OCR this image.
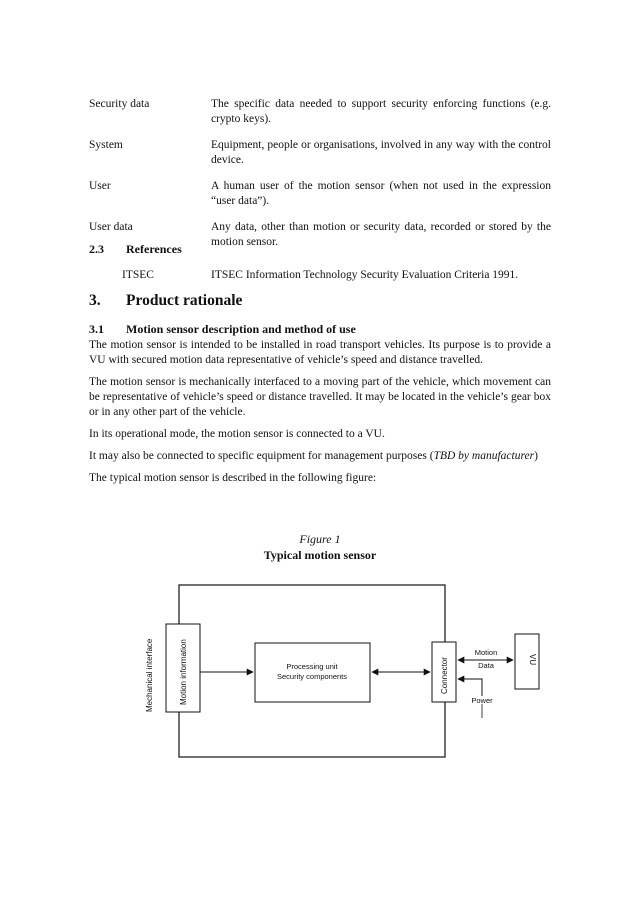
Security data	The specific data needed to support security enforcing functions (e.g. crypto keys).
System	Equipment, people or organisations, involved in any way with the control device.
User	A human user of the motion sensor (when not used in the expression “user data”).
User data	Any data, other than motion or security data, recorded or stored by the motion sensor.
2.3 References
ITSEC	ITSEC Information Technology Security Evaluation Criteria 1991.
3. Product rationale
3.1 Motion sensor description and method of use

The motion sensor is intended to be installed in road transport vehicles. Its purpose is to provide a VU with secured motion data representative of vehicle’s speed and distance travelled.

The motion sensor is mechanically interfaced to a moving part of the vehicle, which movement can be representative of vehicle’s speed or distance travelled. It may be located in the vehicle’s gear box or in any other part of the vehicle.

In its operational mode, the motion sensor is connected to a VU.

It may also be connected to specific equipment for management purposes (TBD by manufacturer)

The typical motion sensor is described in the following figure:

Figure 1
Typical motion sensor
Mechanical interface	Motion information	Processing unit
Security components	Connector	VU
Motion
Data
Power
